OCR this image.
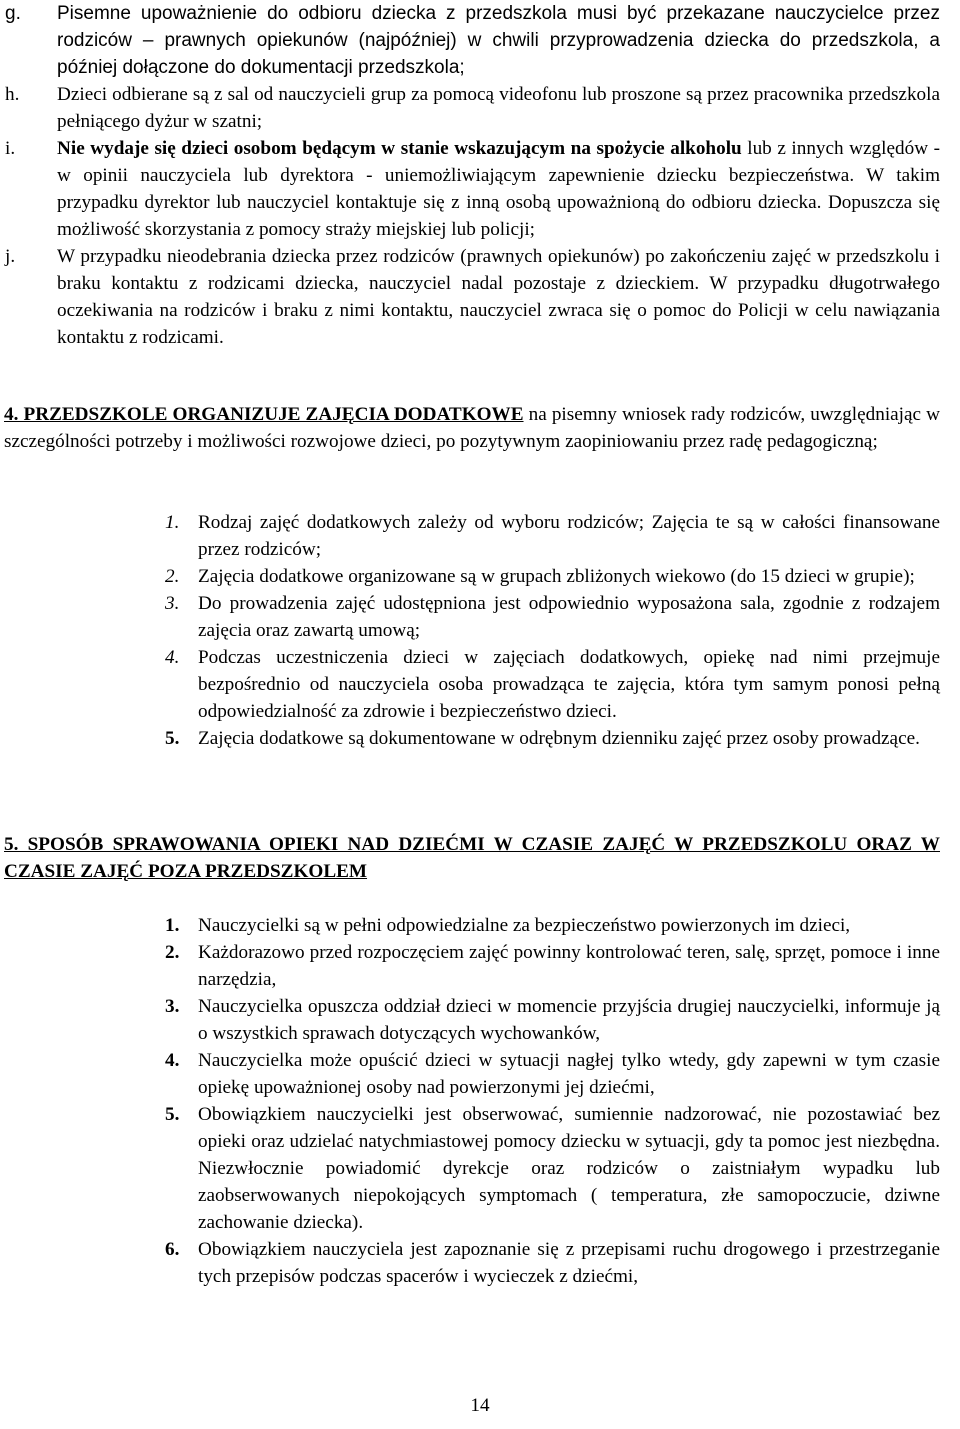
g. Pisemne upoważnienie do odbioru dziecka z przedszkola musi być przekazane nauczycielce przez rodziców – prawnych opiekunów (najpóźniej) w chwili przyprowadzenia dziecka do przedszkola, a później dołączone do dokumentacji przedszkola;
h. Dzieci odbierane są z sal od nauczycieli grup za pomocą videofonu lub proszone są przez pracownika przedszkola pełniącego dyżur w szatni;
i. Nie wydaje się dzieci osobom będącym w stanie wskazującym na spożycie alkoholu lub z innych względów - w opinii nauczyciela lub dyrektora - uniemożliwiającym zapewnienie dziecku bezpieczeństwa. W takim przypadku dyrektor lub nauczyciel kontaktuje się z inną osobą upoważnioną do odbioru dziecka. Dopuszcza się możliwość skorzystania z pomocy straży miejskiej lub policji;
j. W przypadku nieodebrania dziecka przez rodziców (prawnych opiekunów) po zakończeniu zajęć w przedszkolu i braku kontaktu z rodzicami dziecka, nauczyciel nadal pozostaje z dzieckiem. W przypadku długotrwałego oczekiwania na rodziców i braku z nimi kontaktu, nauczyciel zwraca się o pomoc do Policji w celu nawiązania kontaktu z rodzicami.
4. PRZEDSZKOLE ORGANIZUJE ZAJĘCIA DODATKOWE na pisemny wniosek rady rodziców, uwzględniając w szczególności potrzeby i możliwości rozwojowe dzieci, po pozytywnym zaopiniowaniu przez radę pedagogiczną;
1. Rodzaj zajęć dodatkowych zależy od wyboru rodziców; Zajęcia te są w całości finansowane przez rodziców;
2. Zajęcia dodatkowe organizowane są w grupach zbliżonych wiekowo (do 15 dzieci w grupie);
3. Do prowadzenia zajęć udostępniona jest odpowiednio wyposażona sala, zgodnie z rodzajem zajęcia oraz zawartą umową;
4. Podczas uczestniczenia dzieci w zajęciach dodatkowych, opiekę nad nimi przejmuje bezpośrednio od nauczyciela osoba prowadząca te zajęcia, która tym samym ponosi pełną odpowiedzialność za zdrowie i bezpieczeństwo dzieci.
5. Zajęcia dodatkowe są dokumentowane w odrębnym dzienniku zajęć przez osoby prowadzące.
5. SPOSÓB SPRAWOWANIA OPIEKI NAD DZIEĆMI W CZASIE ZAJĘĆ W PRZEDSZKOLU ORAZ W CZASIE ZAJĘĆ POZA PRZEDSZKOLEM
1. Nauczycielki są w pełni odpowiedzialne za bezpieczeństwo powierzonych im dzieci,
2. Każdorazowo przed rozpoczęciem zajęć powinny kontrolować teren, salę, sprzęt, pomoce i inne narzędzia,
3. Nauczycielka opuszcza oddział dzieci w momencie przyjścia drugiej nauczycielki, informuje ją o wszystkich sprawach dotyczących wychowanków,
4. Nauczycielka może opuścić dzieci w sytuacji nagłej tylko wtedy, gdy zapewni w tym czasie opiekę upoważnionej osoby nad powierzonymi jej dziećmi,
5. Obowiązkiem nauczycielki jest obserwować, sumiennie nadzorować, nie pozostawiać bez opieki oraz udzielać natychmiastowej pomocy dziecku w sytuacji, gdy ta pomoc jest niezbędna. Niezwłocznie powiadomić dyrekcje oraz rodziców o zaistniałym wypadku lub zaobserwowanych niepokojących symptomach ( temperatura, złe samopoczucie, dziwne zachowanie dziecka).
6. Obowiązkiem nauczyciela jest zapoznanie się z przepisami ruchu drogowego i przestrzeganie tych przepisów podczas spacerów i wycieczek z dziećmi,
14
